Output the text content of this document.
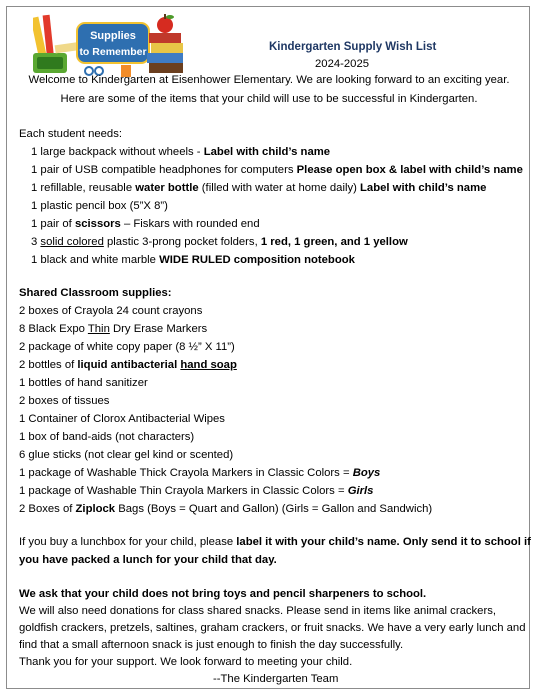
Supplies
to Remember	Kindergarten Supply Wish List
2024-2025
Welcome to Kindergarten at Eisenhower Elementary. We are looking forward to an exciting year.
Here are some of the items that your child will use to be successful in Kindergarten.
Each student needs:
1 large backpack without wheels - Label with child’s name
1 pair of USB compatible headphones for computers Please open box & label with child’s name
1 refillable, reusable water bottle (filled with water at home daily) Label with child’s name
1 plastic pencil box (5”X 8”)
1 pair of scissors – Fiskars with rounded end
3 solid colored plastic 3-prong pocket folders, 1 red, 1 green, and 1 yellow
1 black and white marble WIDE RULED composition notebook
Shared Classroom supplies:
2 boxes of Crayola 24 count crayons
8 Black Expo Thin Dry Erase Markers
2 package of white copy paper (8 ½” X 11”)
2 bottles of liquid antibacterial hand soap
1 bottles of hand sanitizer
2 boxes of tissues
1 Container of Clorox Antibacterial Wipes
1 box of band-aids (not characters)
6 glue sticks (not clear gel kind or scented)
1 package of Washable Thick Crayola Markers in Classic Colors = Boys
1 package of Washable Thin Crayola Markers in Classic Colors = Girls
2 Boxes of Ziplock Bags (Boys = Quart and Gallon) (Girls = Gallon and Sandwich)
If you buy a lunchbox for your child, please label it with your child’s name. Only send it to school if
you have packed a lunch for your child that day.
We ask that your child does not bring toys and pencil sharpeners to school.
We will also need donations for class shared snacks. Please send in items like animal crackers,
goldfish crackers, pretzels, saltines, graham crackers, or fruit snacks. We have a very early lunch and
find that a small afternoon snack is just enough to finish the day successfully.
Thank you for your support. We look forward to meeting your child.
--The Kindergarten Team
